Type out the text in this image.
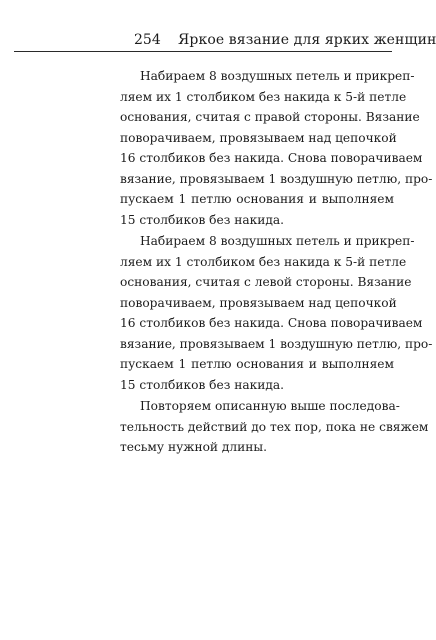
254 Яркое вязание для ярких женщин

Набираем 8 воздушных петель и прикреп-
ляем их 1 столбиком без накида к 5-й петле
основания, считая с правой стороны. Вязание
поворачиваем, провязываем над цепочкой
16 столбиков без накида. Снова поворачиваем
вязание, провязываем 1 воздушную петлю, про-
пускаем 1 петлю основания и выполняем
15 столбиков без накида.

Набираем 8 воздушных петель и прикреп-
ляем их 1 столбиком без накида к 5-й петле
основания, считая с левой стороны. Вязание
поворачиваем, провязываем над цепочкой
16 столбиков без накида. Снова поворачиваем
вязание, провязываем 1 воздушную петлю, про-
пускаем 1 петлю основания и выполняем
15 столбиков без накида.

Повторяем описанную выше последова-
тельность действий до тех пор, пока не свяжем
тесьму нужной длины.
